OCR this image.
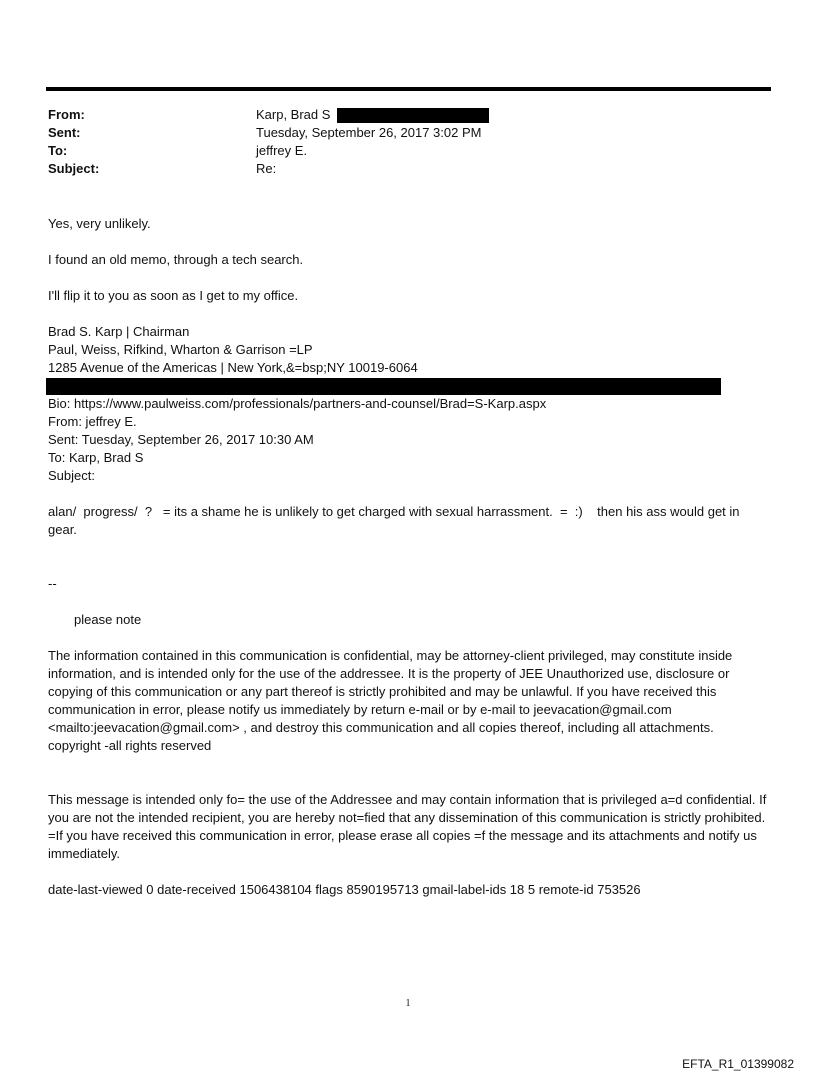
From:	Karp, Brad S
Sent:	Tuesday, September 26, 2017 3:02 PM
To:	jeffrey E.
Subject:	Re:

Yes, very unlikely.

I found an old memo, through a tech search.

I'll flip it to you as soon as I get to my office.

Brad S. Karp | Chairman

Paul, Weiss, Rifkind, Wharton & Garrison =LP

1285 Avenue of the Americas | New York,&=bsp;NY 10019-6064

Bio: https://www.paulweiss.com/professionals/partners-and-counsel/Brad=S-Karp.aspx

From: jeffrey E.

Sent: Tuesday, September 26, 2017 10:30 AM

To: Karp, Brad S

Subject:

alan/  progress/  ?   = its a shame he is unlikely to get charged with sexual harrassment.  =  :)    then his ass would get in gear.

--

please note

The information contained in this communication is confidential, may be attorney-client privileged, may constitute inside information, and is intended only for the use of the addressee. It is the property of JEE Unauthorized use, disclosure or copying of this communication or any part thereof is strictly prohibited and may be unlawful. If you have received this communication in error, please notify us immediately by return e-mail or by e-mail to jeevacation@gmail.com <mailto:jeevacation@gmail.com> , and destroy this communication and all copies thereof, including all attachments. copyright -all rights reserved

This message is intended only fo= the use of the Addressee and may contain information that is privileged a=d confidential. If you are not the intended recipient, you are hereby not=fied that any dissemination of this communication is strictly prohibited. =If you have received this communication in error, please erase all copies =f the message and its attachments and notify us immediately.

date-last-viewed 0 date-received 1506438104 flags 8590195713 gmail-label-ids 18 5 remote-id 753526

1
EFTA_R1_01399082
